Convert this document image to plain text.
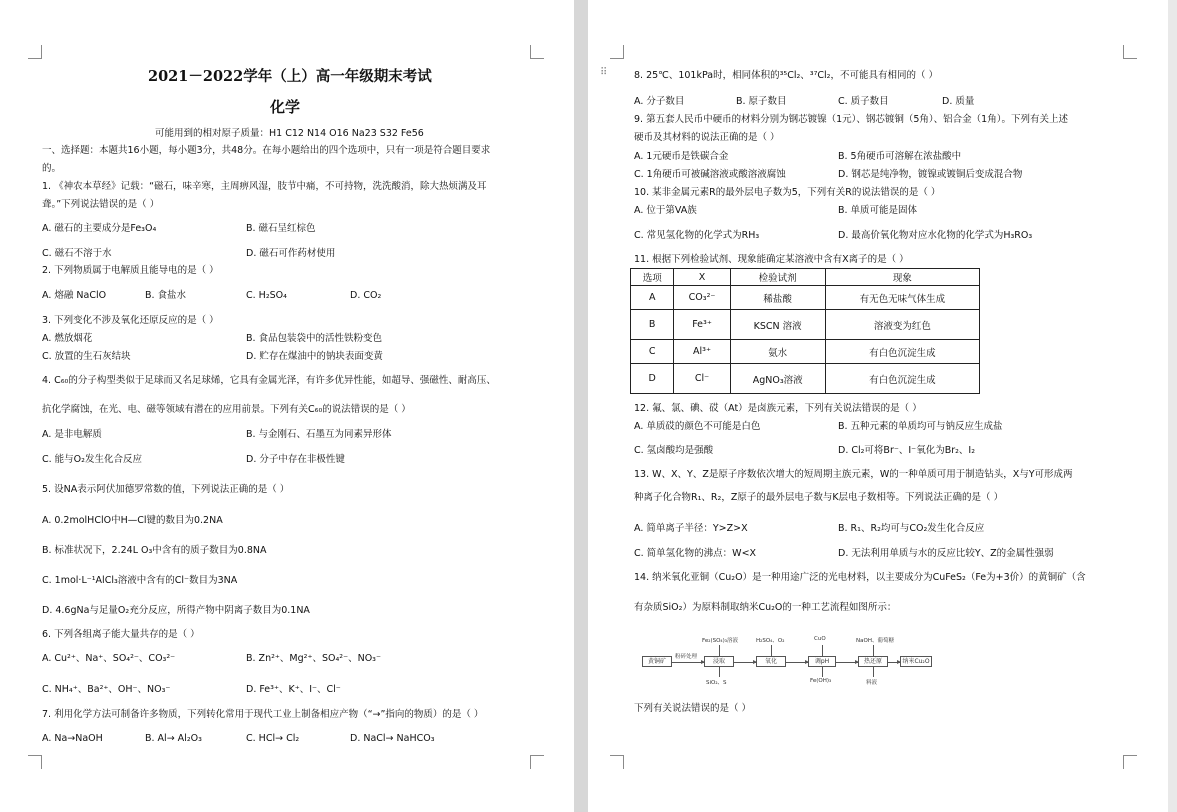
2021－2022学年（上）高一年级期末考试
化学
可能用到的相对原子质量：H1 C12 N14 O16 Na23 S32 Fe56
一、选择题：本题共16小题，每小题3分，共48分。在每小题给出的四个选项中，只有一项是符合题目要求
的。
1. 《神农本草经》记载：“磁石，味辛寒，主周痹风湿，肢节中痛，不可持物，洗洗酸消，除大热烦满及耳
聋。”下列说法错误的是（ ）
A. 磁石的主要成分是Fe₃O₄	B. 磁石呈红棕色
C. 磁石不溶于水	D. 磁石可作药材使用
2. 下列物质属于电解质且能导电的是（ ）
A. 熔融 NaClO	B. 食盐水	C. H₂SO₄	D. CO₂
3. 下列变化不涉及氧化还原反应的是（ ）
A. 燃放烟花	B. 食品包装袋中的活性铁粉变色
C. 放置的生石灰结块	D. 贮存在煤油中的钠块表面变黄
4. C₆₀的分子构型类似于足球而又名足球烯，它具有金属光泽，有许多优异性能，如超导、强磁性、耐高压、
抗化学腐蚀，在光、电、磁等领域有潜在的应用前景。下列有关C₆₀的说法错误的是（ ）
A. 是非电解质	B. 与金刚石、石墨互为同素异形体
C. 能与O₂发生化合反应	D. 分子中存在非极性键
5. 设NA表示阿伏加德罗常数的值，下列说法正确的是（ ）
A. 0.2molHClO中H—Cl键的数目为0.2NA
B. 标准状况下，2.24L O₃中含有的质子数目为0.8NA
C. 1mol·L⁻¹AlCl₃溶液中含有的Cl⁻数目为3NA
D. 4.6gNa与足量O₂充分反应，所得产物中阴离子数目为0.1NA
6. 下列各组离子能大量共存的是（ ）
A. Cu²⁺、Na⁺、SO₄²⁻、CO₃²⁻	B. Zn²⁺、Mg²⁺、SO₄²⁻、NO₃⁻
C. NH₄⁺、Ba²⁺、OH⁻、NO₃⁻	D. Fe³⁺、K⁺、I⁻、Cl⁻
7. 利用化学方法可制备许多物质，下列转化常用于现代工业上制备相应产物（“→”指向的物质）的是（ ）
A. Na→NaOH	B. Al→ Al₂O₃	C. HCl→ Cl₂	D. NaCl→ NaHCO₃
⠿	8. 25℃、101kPa时，相同体积的³⁵Cl₂、³⁷Cl₂，不可能具有相同的（ ）
A. 分子数目	B. 原子数目	C. 质子数目	D. 质量
9. 第五套人民币中硬币的材料分别为钢芯镀镍（1元）、钢芯镀铜（5角）、铝合金（1角）。下列有关上述
硬币及其材料的说法正确的是（ ）
A. 1元硬币是铁碳合金	B. 5角硬币可溶解在浓盐酸中
C. 1角硬币可被碱溶液或酸溶液腐蚀	D. 钢芯是纯净物，镀镍或镀铜后变成混合物
10. 某非金属元素R的最外层电子数为5，下列有关R的说法错误的是（ ）
A. 位于第VA族	B. 单质可能是固体
C. 常见氢化物的化学式为RH₃	D. 最高价氧化物对应水化物的化学式为H₃RO₃
11. 根据下列检验试剂、现象能确定某溶液中含有X离子的是（ ）
选项	X	检验试剂	现象
A	CO₃²⁻	稀盐酸	有无色无味气体生成
B	Fe³⁺	KSCN 溶液	溶液变为红色
C	Al³⁺	氨水	有白色沉淀生成
D	Cl⁻	AgNO₃溶液	有白色沉淀生成
12. 氟、氯、碘、砹（At）是卤族元素，下列有关说法错误的是（ ）
A. 单质砹的颜色不可能是白色	B. 五种元素的单质均可与钠反应生成盐
C. 氢卤酸均是强酸	D. Cl₂可将Br⁻、I⁻氧化为Br₂、I₂
13. W、X、Y、Z是原子序数依次增大的短周期主族元素，W的一种单质可用于制造钻头，X与Y可形成两
种离子化合物R₁、R₂，Z原子的最外层电子数与K层电子数相等。下列说法正确的是（ ）
A. 简单离子半径：Y>Z>X	B. R₁、R₂均可与CO₂发生化合反应
C. 简单氢化物的沸点：W<X	D. 无法利用单质与水的反应比较Y、Z的金属性强弱
14. 纳米氧化亚铜（Cu₂O）是一种用途广泛的光电材料，以主要成分为CuFeS₂（Fe为+3价）的黄铜矿（含
有杂质SiO₂）为原料制取纳米Cu₂O的一种工艺流程如图所示：
黄铜矿
粉碎处理
浸取	氧化	调pH	热还原	纳米Cu₂O
Fe₂(SO₄)₃溶液	H₂SO₄、O₂	CuO	NaOH、葡萄糖
SiO₂、S	Fe(OH)₃	料液
下列有关说法错误的是（ ）
